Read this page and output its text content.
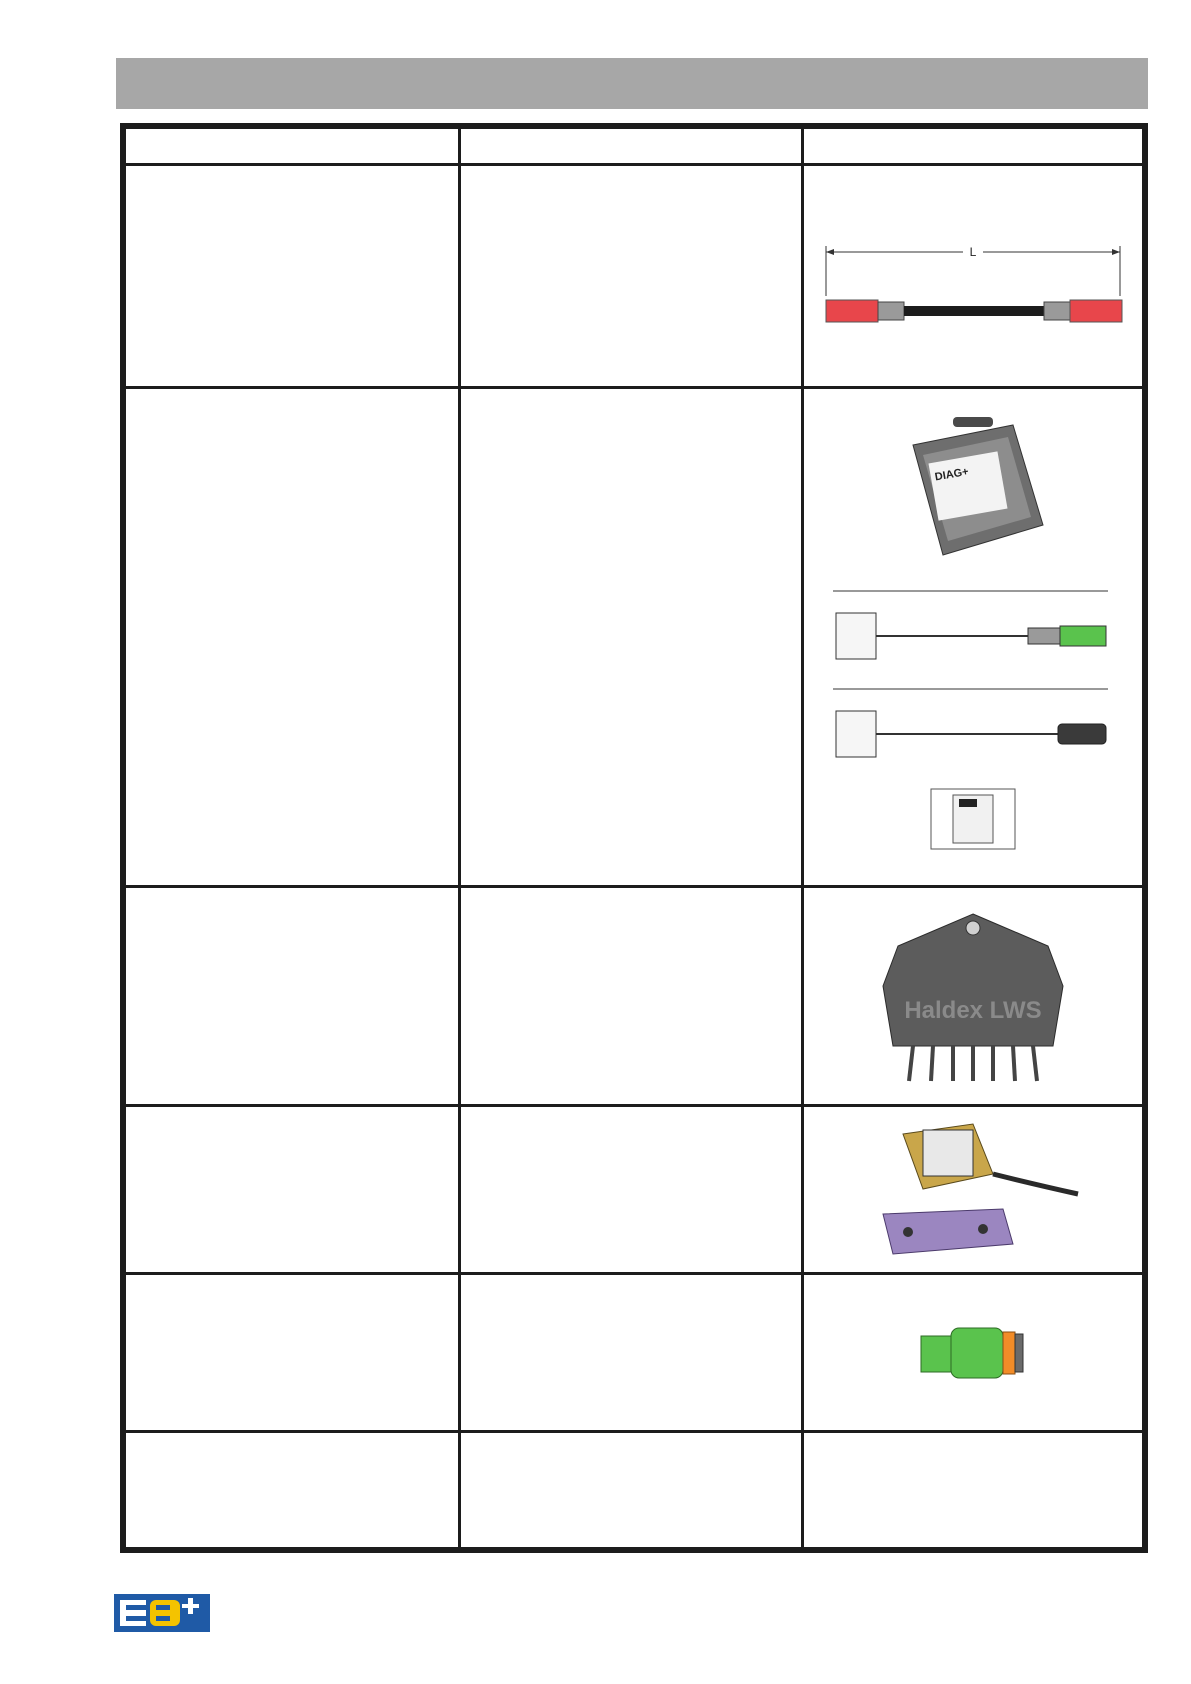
L

DIAG+

Haldex LWS
